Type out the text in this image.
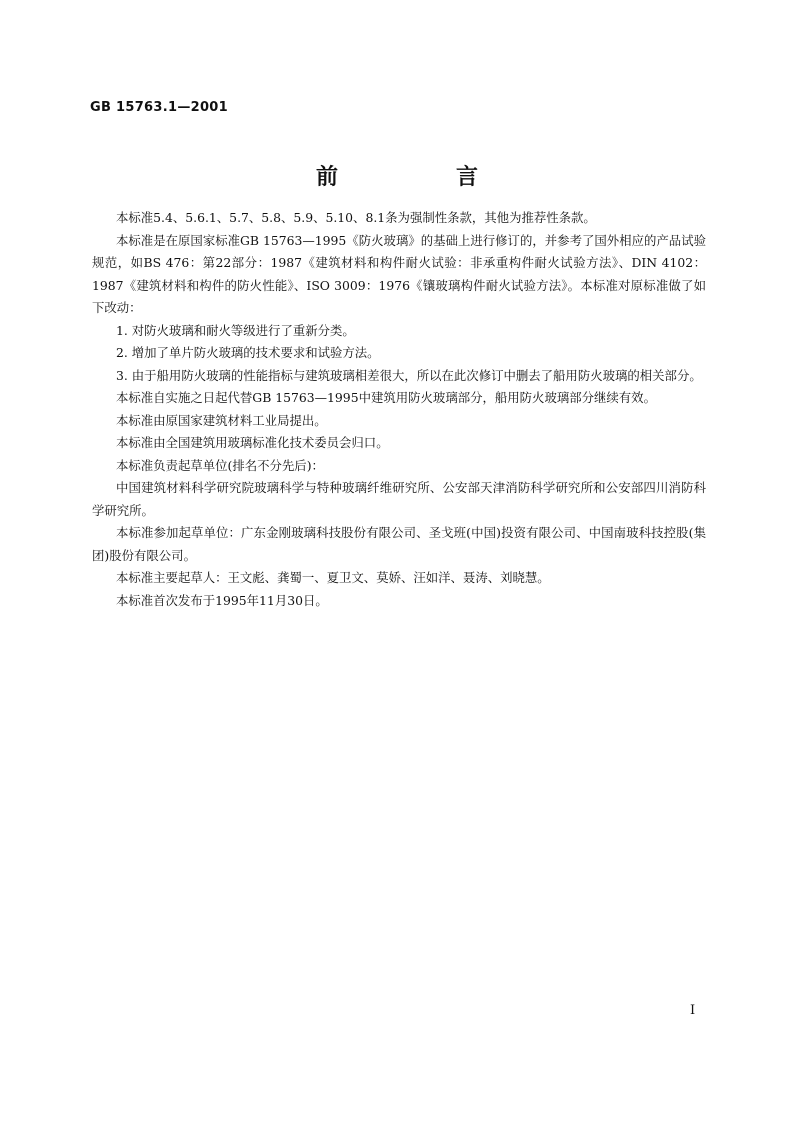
GB 15763.1—2001
前　言

本标准5.4、5.6.1、5.7、5.8、5.9、5.10、8.1条为强制性条款，其他为推荐性条款。

本标准是在原国家标准GB 15763—1995《防火玻璃》的基础上进行修订的，并参考了国外相应的产品试验规范，如BS 476：第22部分：1987《建筑材料和构件耐火试验：非承重构件耐火试验方法》、DIN 4102：1987《建筑材料和构件的防火性能》、ISO 3009：1976《镶玻璃构件耐火试验方法》。本标准对原标准做了如下改动：

1. 对防火玻璃和耐火等级进行了重新分类。

2. 增加了单片防火玻璃的技术要求和试验方法。

3. 由于船用防火玻璃的性能指标与建筑玻璃相差很大，所以在此次修订中删去了船用防火玻璃的相关部分。

本标准自实施之日起代替GB 15763—1995中建筑用防火玻璃部分，船用防火玻璃部分继续有效。

本标准由原国家建筑材料工业局提出。

本标准由全国建筑用玻璃标准化技术委员会归口。

本标准负责起草单位(排名不分先后)：

中国建筑材料科学研究院玻璃科学与特种玻璃纤维研究所、公安部天津消防科学研究所和公安部四川消防科学研究所。

本标准参加起草单位：广东金刚玻璃科技股份有限公司、圣戈班(中国)投资有限公司、中国南玻科技控股(集团)股份有限公司。

本标准主要起草人：王文彪、龚蜀一、夏卫文、莫娇、汪如洋、聂涛、刘晓慧。

本标准首次发布于1995年11月30日。

I
